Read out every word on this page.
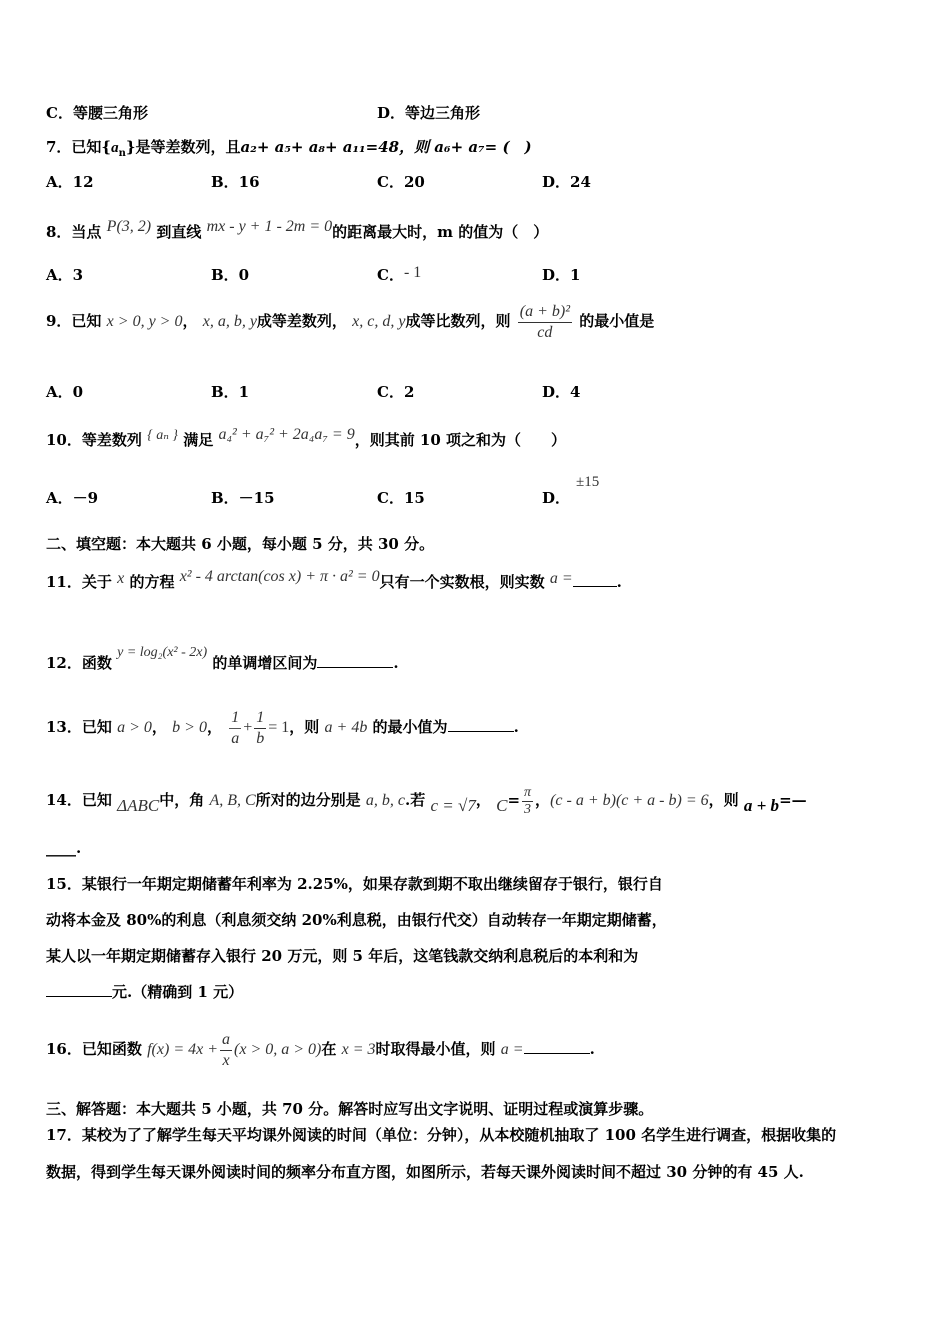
C．等腰三角形	D．等边三角形
7．已知$\{a_n\}$是等差数列，且a₂+ a₅+ a₈+ a₁₁=48，则 a₆+ a₇= (　)
A．12	B．16	C．20	D．24
8．当点 P(3, 2) 到直线 mx - y + 1 - 2m = 0的距离最大时，m 的值为（　）
A．3	B．0	C．- 1	D．1
9．已知 x > 0, y > 0， x, a, b, y成等差数列， x, c, d, y成等比数列，则 $\frac{\text{(a + b)²}}{cd}$ 的最小值是
A．0	B．1	C．2	D．4
10．等差数列 { aₙ } 满足 a₄² + a₇² + 2a₄a₇ = 9，则其前 10 项之和为（　　）
A．－9	B．－15	C．15	D．
±15
二、填空题：本大题共 6 小题，每小题 5 分，共 30 分。
11．关于 x 的方程 x² - 4 arctan(cos x) + π · a² = 0只有一个实数根，则实数 a =	.
12．函数 y = log₂(x² - 2x) 的单调增区间为	.
13．已知 a > 0， b > 0， $\frac{1}{a} + \frac{1}{b} = 1$，则 a + 4b 的最小值为	.
14．已知 ΔABC中，角 A, B, C所对的边分别是 a, b, c.若 c = √7， $C= \frac{\pi}{3}$ ，(c - a + b)(c + a - b) = 6，则 a + b=—
____.
15．某银行一年期定期储蓄年利率为 2.25%，如果存款到期不取出继续留存于银行，银行自
动将本金及 80%的利息（利息须交纳 20%利息税，由银行代交）自动转存一年期定期储蓄，
某人以一年期定期储蓄存入银行 20 万元，则 5 年后，这笔钱款交纳利息税后的本利和为
元.（精确到 1 元）
16．已知函数 $f(x) = 4x + \frac{a}{x} (x > 0$, a > 0)在 x = 3时取得最小值，则 a =	.
三、解答题：本大题共 5 小题，共 70 分。解答时应写出文字说明、证明过程或演算步骤。
17．某校为了了解学生每天平均课外阅读的时间（单位：分钟），从本校随机抽取了 100 名学生进行调查，根据收集的
数据，得到学生每天课外阅读时间的频率分布直方图，如图所示，若每天课外阅读时间不超过 30 分钟的有 45 人.
